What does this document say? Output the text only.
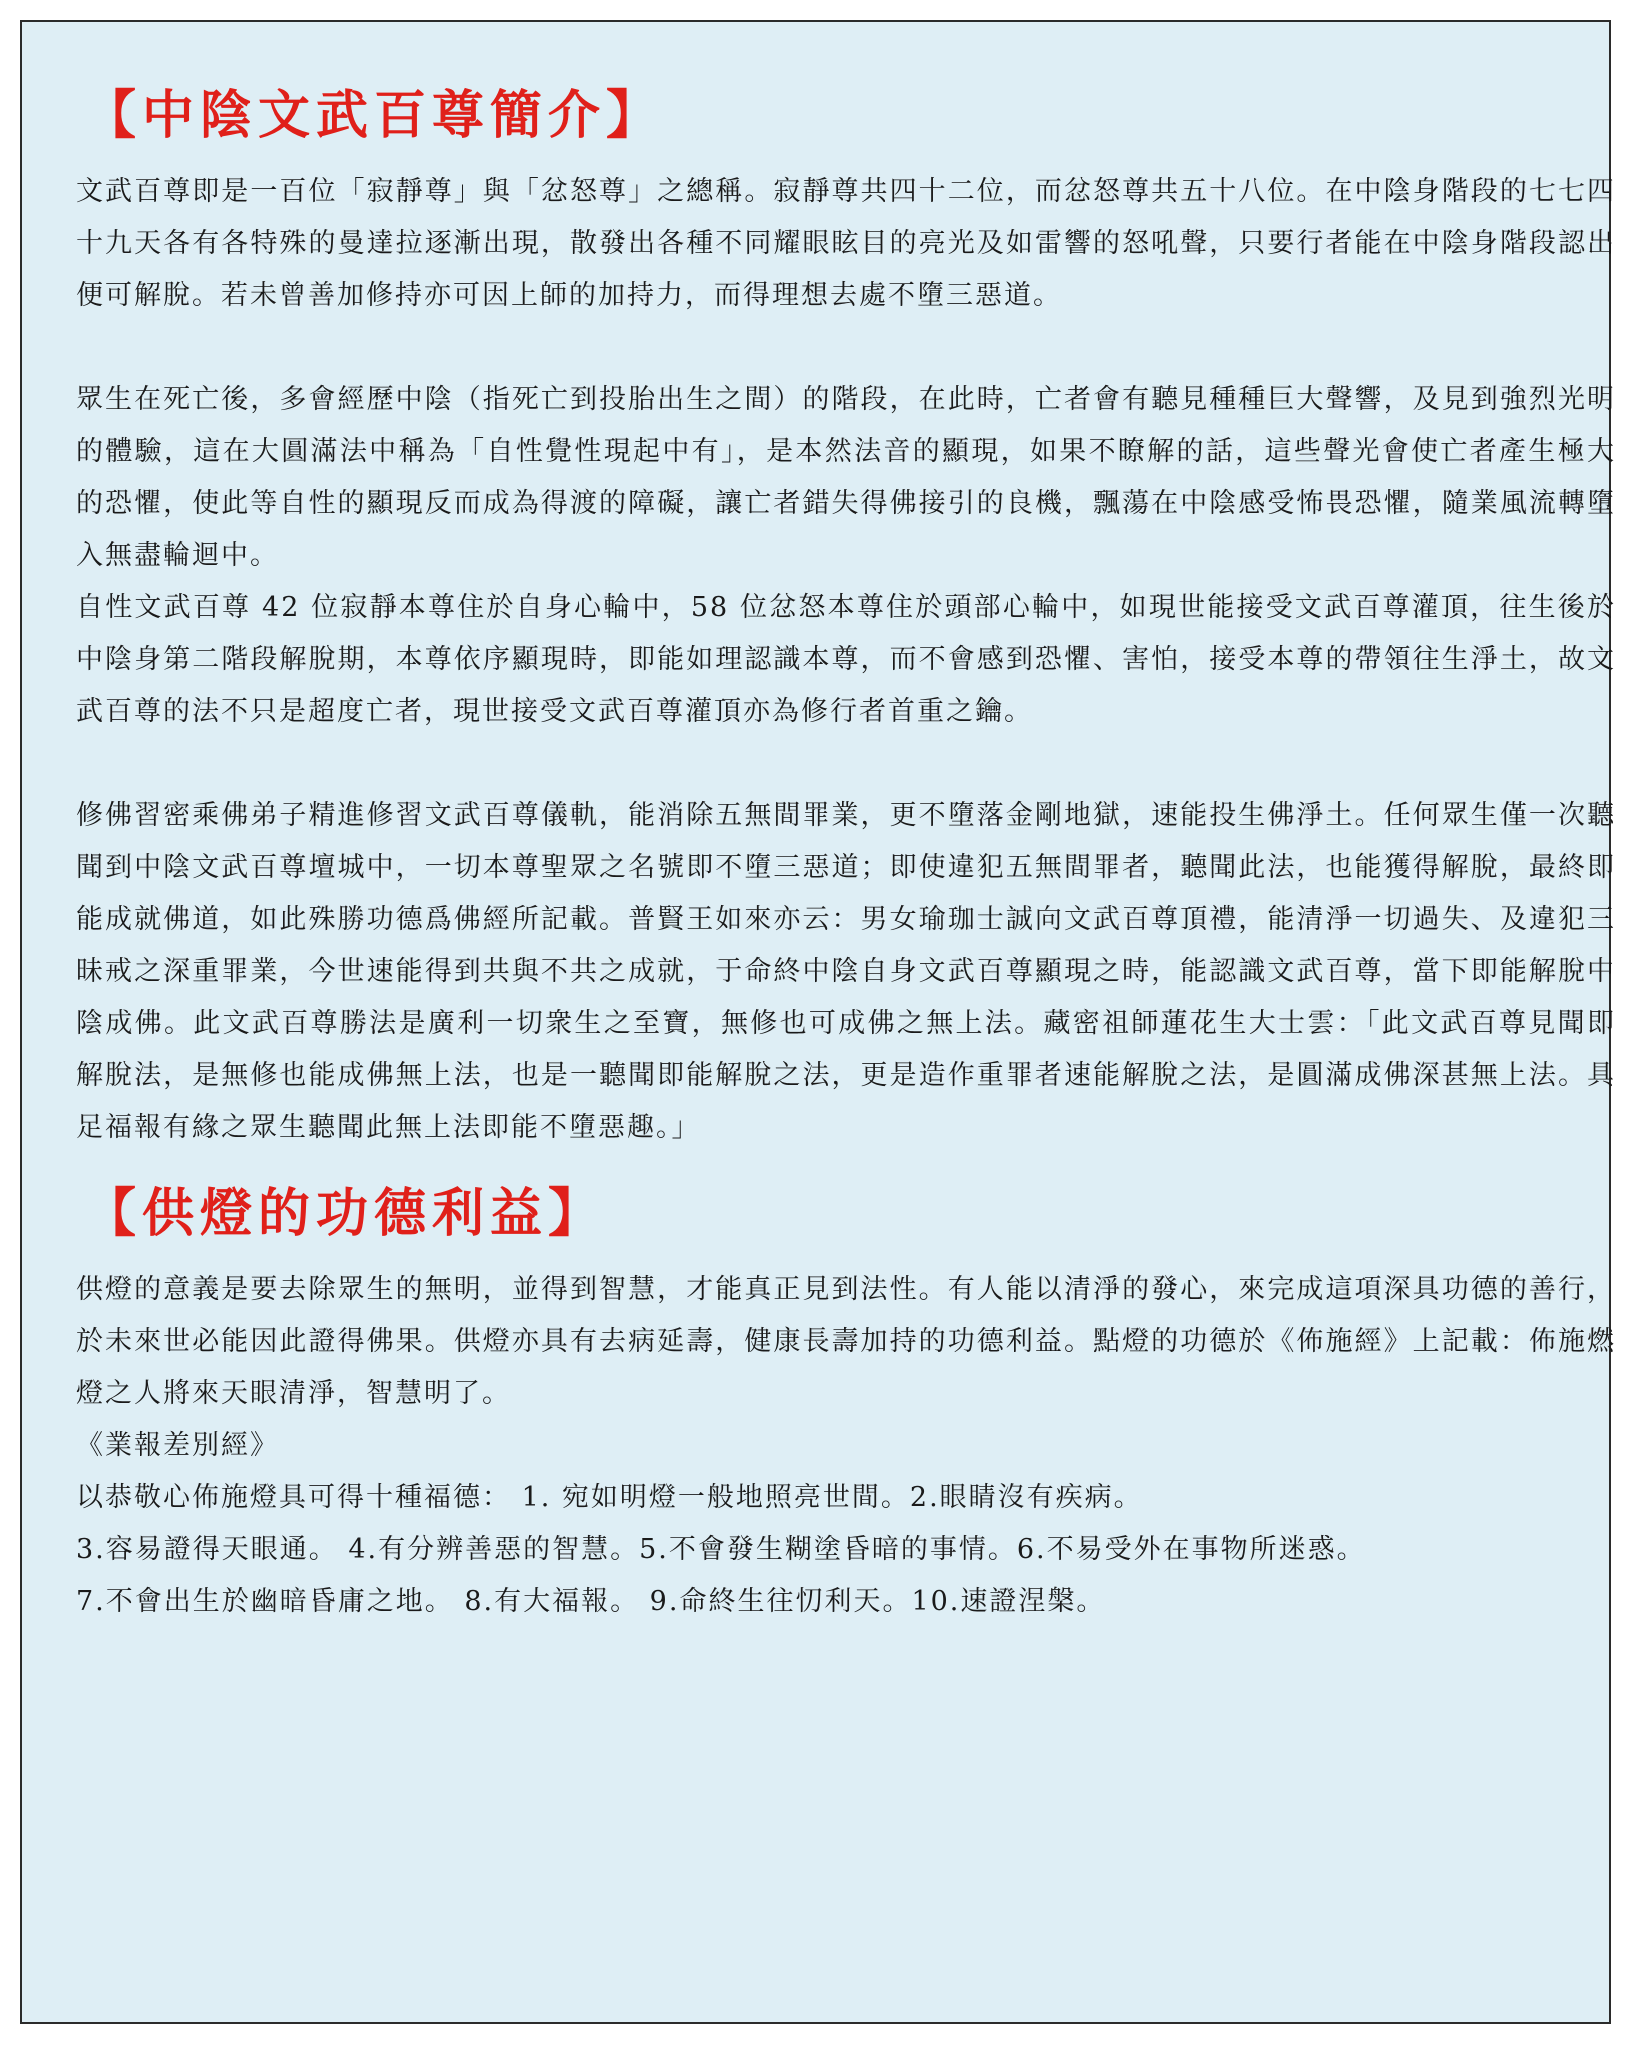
【中陰文武百尊簡介】

文武百尊即是一百位「寂靜尊」與「忿怒尊」之總稱。寂靜尊共四十二位，而忿怒尊共五十八位。在中陰身階段的七七四十九天各有各特殊的曼達拉逐漸出現，散發出各種不同耀眼眩目的亮光及如雷響的怒吼聲，只要行者能在中陰身階段認出便可解脫。若未曾善加修持亦可因上師的加持力，而得理想去處不墮三惡道。

眾生在死亡後，多會經歷中陰（指死亡到投胎出生之間）的階段，在此時，亡者會有聽見種種巨大聲響，及見到強烈光明的體驗，這在大圓滿法中稱為「自性覺性現起中有」，是本然法音的顯現，如果不瞭解的話，這些聲光會使亡者產生極大的恐懼，使此等自性的顯現反而成為得渡的障礙，讓亡者錯失得佛接引的良機，飄蕩在中陰感受怖畏恐懼，隨業風流轉墮入無盡輪迴中。

自性文武百尊 42 位寂靜本尊住於自身心輪中，58 位忿怒本尊住於頭部心輪中，如現世能接受文武百尊灌頂，往生後於中陰身第二階段解脫期，本尊依序顯現時，即能如理認識本尊，而不會感到恐懼、害怕，接受本尊的帶領往生淨土，故文武百尊的法不只是超度亡者，現世接受文武百尊灌頂亦為修行者首重之鑰。

修佛習密乘佛弟子精進修習文武百尊儀軌，能消除五無間罪業，更不墮落金剛地獄，速能投生佛淨土。任何眾生僅一次聽聞到中陰文武百尊壇城中，一切本尊聖眾之名號即不墮三惡道；即使違犯五無間罪者，聽聞此法，也能獲得解脫，最終即能成就佛道，如此殊勝功德爲佛經所記載。普賢王如來亦云：男女瑜珈士誠向文武百尊頂禮，能清淨一切過失、及違犯三昧戒之深重罪業，今世速能得到共與不共之成就，于命終中陰自身文武百尊顯現之時，能認識文武百尊，當下即能解脫中陰成佛。此文武百尊勝法是廣利一切衆生之至寶，無修也可成佛之無上法。藏密祖師蓮花生大士雲：「此文武百尊見聞即解脫法，是無修也能成佛無上法，也是一聽聞即能解脫之法，更是造作重罪者速能解脫之法，是圓滿成佛深甚無上法。具足福報有緣之眾生聽聞此無上法即能不墮惡趣。」

【供燈的功德利益】

供燈的意義是要去除眾生的無明，並得到智慧，才能真正見到法性。有人能以清淨的發心，來完成這項深具功德的善行，於未來世必能因此證得佛果。供燈亦具有去病延壽，健康長壽加持的功德利益。點燈的功德於《佈施經》上記載：佈施燃燈之人將來天眼清淨，智慧明了。

《業報差別經》

以恭敬心佈施燈具可得十種福德： 1. 宛如明燈一般地照亮世間。2.眼睛沒有疾病。

3.容易證得天眼通。 4.有分辨善惡的智慧。5.不會發生糊塗昏暗的事情。6.不易受外在事物所迷惑。

7.不會出生於幽暗昏庸之地。 8.有大福報。 9.命終生往忉利天。10.速證涅槃。
